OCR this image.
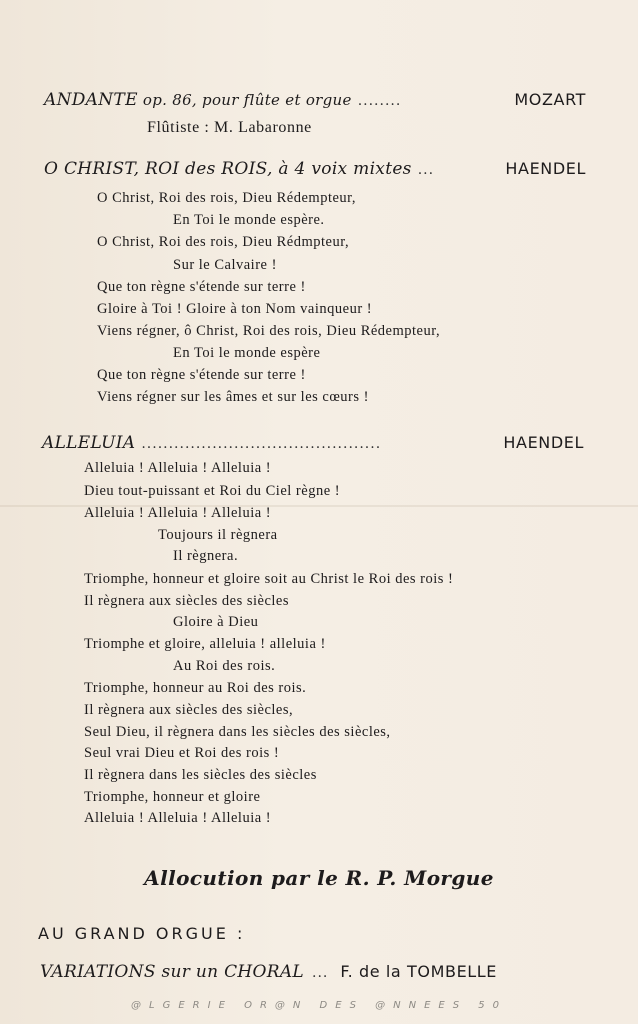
ANDANTE op. 86, pour flûte et orgue ........	MOZART
Flûtiste : M. Labaronne
O CHRIST, ROI des ROIS, à 4 voix mixtes ...	HAENDEL
O Christ, Roi des rois, Dieu Rédempteur,
En Toi le monde espère.
O Christ, Roi des rois, Dieu Rédmpteur,
Sur le Calvaire !
Que ton règne s'étende sur terre !
Gloire à Toi ! Gloire à ton Nom vainqueur !
Viens régner, ô Christ, Roi des rois, Dieu Rédempteur,
En Toi le monde espère
Que ton règne s'étende sur terre !
Viens régner sur les âmes et sur les cœurs !
ALLELUIA ............................................	HAENDEL
Alleluia ! Alleluia ! Alleluia !
Dieu tout-puissant et Roi du Ciel règne !
Alleluia ! Alleluia ! Alleluia !
Toujours il règnera
Il règnera.
Triomphe, honneur et gloire soit au Christ le Roi des rois !
Il règnera aux siècles des siècles
Gloire à Dieu
Triomphe et gloire, alleluia ! alleluia !
Au Roi des rois.
Triomphe, honneur au Roi des rois.
Il règnera aux siècles des siècles,
Seul Dieu, il règnera dans les siècles des siècles,
Seul vrai Dieu et Roi des rois !
Il règnera dans les siècles des siècles
Triomphe, honneur et gloire
Alleluia ! Alleluia ! Alleluia !
Allocution par le R. P. Morgue
AU GRAND ORGUE :
VARIATIONS sur un CHORAL ... F. de la TOMBELLE
@LGERIE OR@N DES @NNEES 50
